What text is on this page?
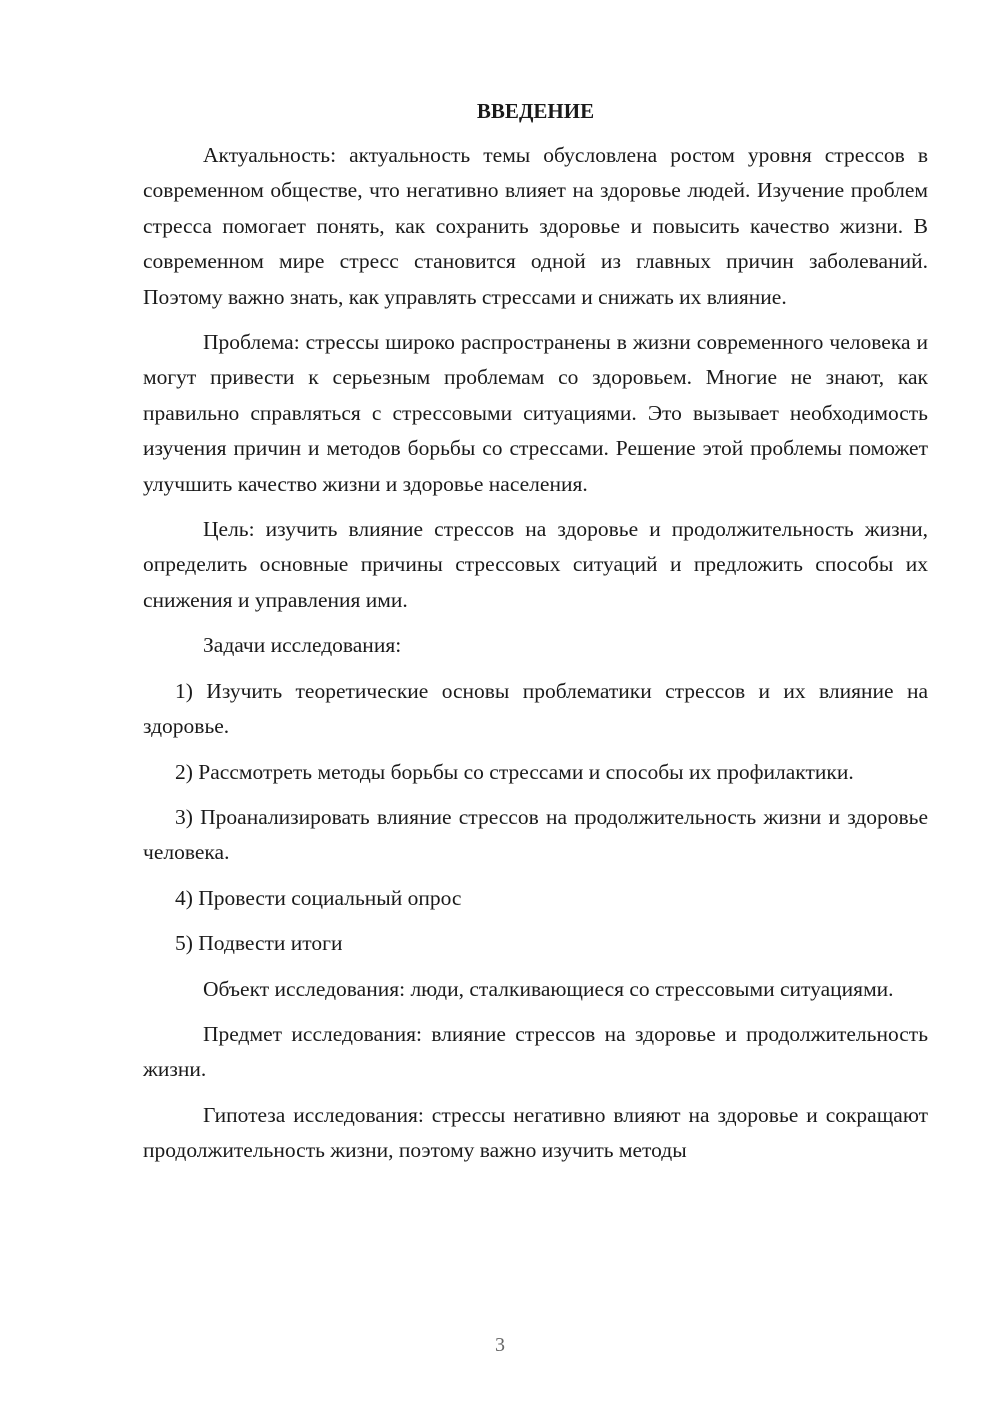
ВВЕДЕНИЕ

Актуальность: актуальность темы обусловлена ростом уровня стрессов в современном обществе, что негативно влияет на здоровье людей. Изучение проблем стресса помогает понять, как сохранить здоровье и повысить качество жизни. В современном мире стресс становится одной из главных причин заболеваний. Поэтому важно знать, как управлять стрессами и снижать их влияние.

Проблема: стрессы широко распространены в жизни современного человека и могут привести к серьезным проблемам со здоровьем. Многие не знают, как правильно справляться с стрессовыми ситуациями. Это вызывает необходимость изучения причин и методов борьбы со стрессами. Решение этой проблемы поможет улучшить качество жизни и здоровье населения.

Цель: изучить влияние стрессов на здоровье и продолжительность жизни, определить основные причины стрессовых ситуаций и предложить способы их снижения и управления ими.

Задачи исследования:

1) Изучить теоретические основы проблематики стрессов и их влияние на здоровье.

2) Рассмотреть методы борьбы со стрессами и способы их профилактики.

3) Проанализировать влияние стрессов на продолжительность жизни и здоровье человека.

4) Провести социальный опрос

5) Подвести итоги

Объект исследования: люди, сталкивающиеся со стрессовыми ситуациями.

Предмет исследования: влияние стрессов на здоровье и продолжительность жизни.

Гипотеза исследования: стрессы негативно влияют на здоровье и сокращают продолжительность жизни, поэтому важно изучить методы

3
